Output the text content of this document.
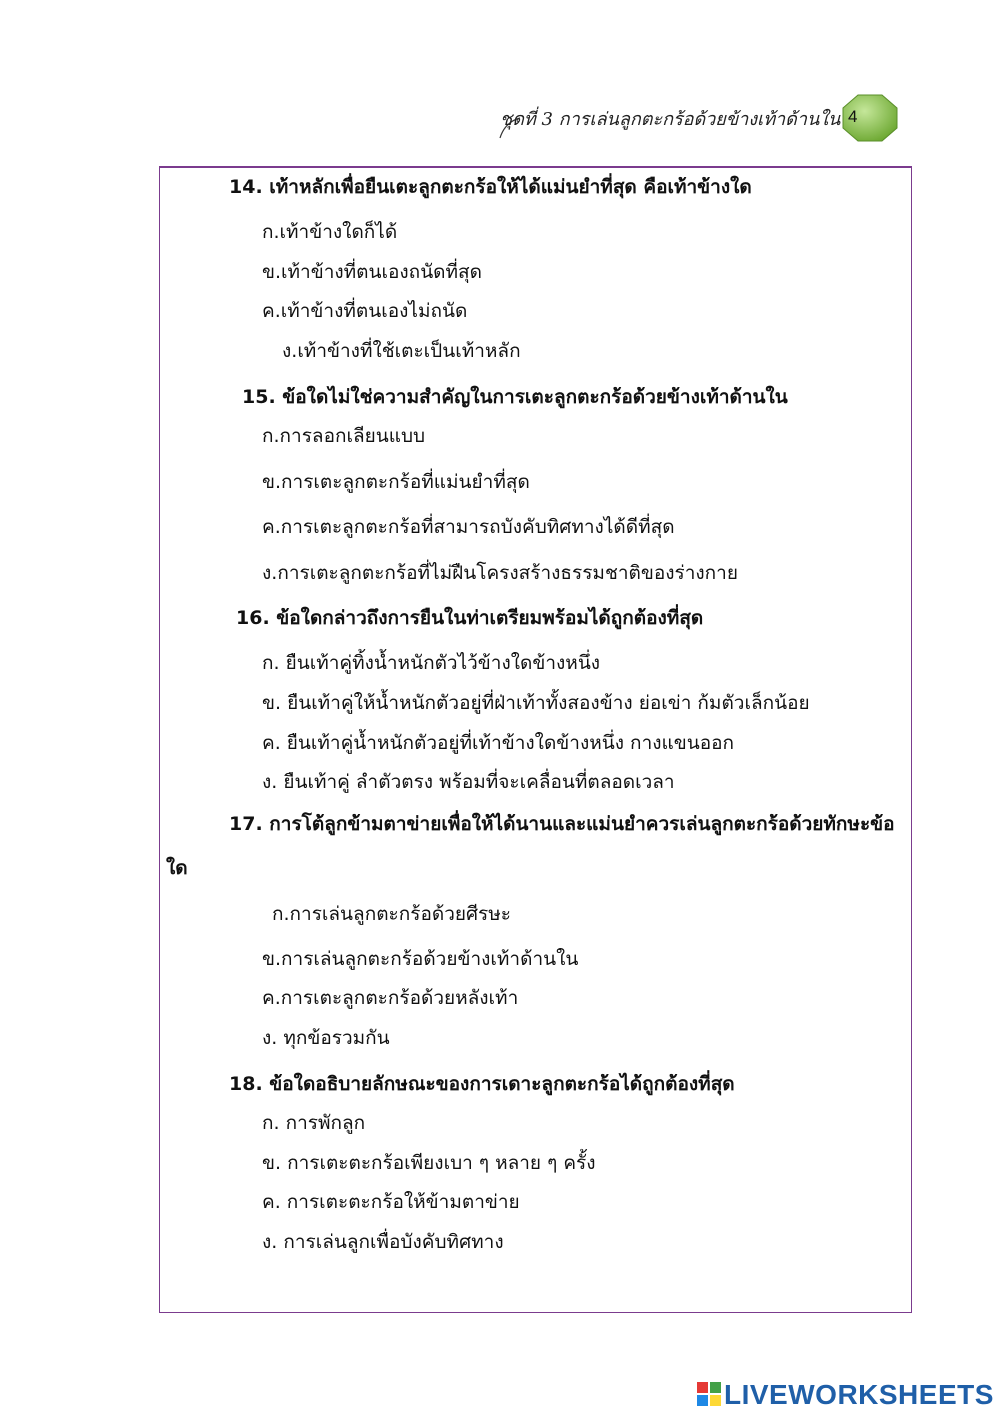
ชุดที่ 3 การเล่นลูกตะกร้อด้วยข้างเท้าด้านใน 4
14. เท้าหลักเพื่อยืนเตะลูกตะกร้อให้ได้แม่นยำที่สุด คือเท้าข้างใด
ก.เท้าข้างใดก็ได้
ข.เท้าข้างที่ตนเองถนัดที่สุด
ค.เท้าข้างที่ตนเองไม่ถนัด
ง.เท้าข้างที่ใช้เตะเป็นเท้าหลัก
15. ข้อใดไม่ใช่ความสำคัญในการเตะลูกตะกร้อด้วยข้างเท้าด้านใน
ก.การลอกเลียนแบบ
ข.การเตะลูกตะกร้อที่แม่นยำที่สุด
ค.การเตะลูกตะกร้อที่สามารถบังคับทิศทางได้ดีที่สุด
ง.การเตะลูกตะกร้อที่ไม่ฝืนโครงสร้างธรรมชาติของร่างกาย
16. ข้อใดกล่าวถึงการยืนในท่าเตรียมพร้อมได้ถูกต้องที่สุด
ก. ยืนเท้าคู่ทิ้งน้ำหนักตัวไว้ข้างใดข้างหนึ่ง
ข. ยืนเท้าคู่ให้น้ำหนักตัวอยู่ที่ฝ่าเท้าทั้งสองข้าง ย่อเข่า ก้มตัวเล็กน้อย
ค. ยืนเท้าคู่น้ำหนักตัวอยู่ที่เท้าข้างใดข้างหนึ่ง กางแขนออก
ง. ยืนเท้าคู่ ลำตัวตรง พร้อมที่จะเคลื่อนที่ตลอดเวลา
17. การโต้ลูกข้ามตาข่ายเพื่อให้ได้นานและแม่นยำควรเล่นลูกตะกร้อด้วยทักษะข้อ
ใด
ก.การเล่นลูกตะกร้อด้วยศีรษะ
ข.การเล่นลูกตะกร้อด้วยข้างเท้าด้านใน
ค.การเตะลูกตะกร้อด้วยหลังเท้า
ง. ทุกข้อรวมกัน
18. ข้อใดอธิบายลักษณะของการเดาะลูกตะกร้อได้ถูกต้องที่สุด
ก. การพักลูก
ข. การเตะตะกร้อเพียงเบา ๆ หลาย ๆ ครั้ง
ค. การเตะตะกร้อให้ข้ามตาข่าย
ง. การเล่นลูกเพื่อบังคับทิศทาง
LIVEWORKSHEETS
